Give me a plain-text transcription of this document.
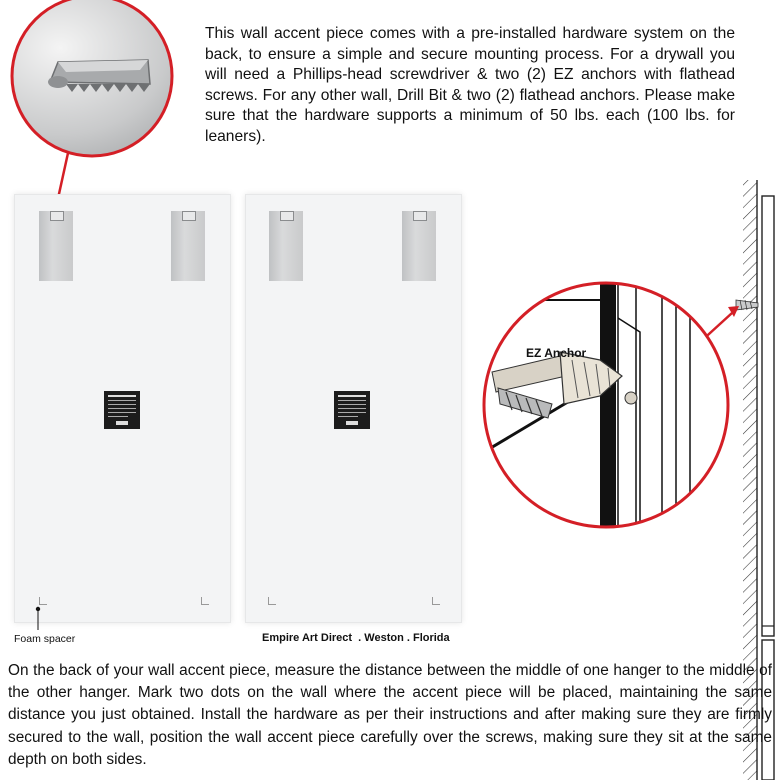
This wall accent piece comes with a pre-installed hardware system on the back, to ensure a simple and secure mounting process. For a drywall you will need a Phillips-head screwdriver & two (2) EZ anchors with flathead screws. For any other wall, Drill Bit & two (2) flathead anchors. Please make sure that the hardware supports a minimum of 50 lbs. each (100 lbs. for leaners).
Foam spacer	Empire Art Direct  . Weston . Florida
EZ Anchor
On the back of your wall accent piece, measure the distance between the middle of one hanger to the middle of the other hanger. Mark two dots on the wall where the accent piece will be placed, maintaining the same distance you just obtained. Install the hardware as per their instructions and after making sure they are firmly secured to the wall, position the wall accent piece carefully over the screws, making sure they sit at the same depth on both sides.
